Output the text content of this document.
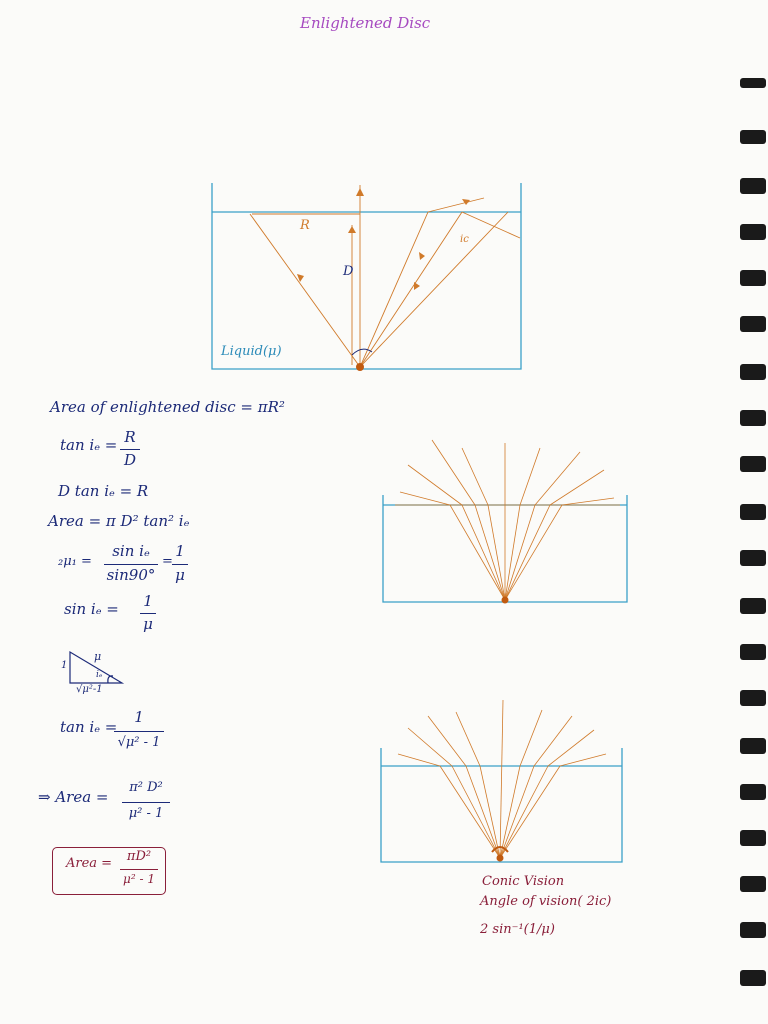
Enlightened Disc
R
D
ic
Liquid(μ)
Area of enlightened disc = πR²
tan iₑ = R
D
D tan iₑ = R
Area = π D² tan² iₑ
₂μ₁ =
sin iₑ
sin90°
=
1
μ
sin iₑ = 1
μ
μ
1
√μ²-1
iₑ
tan iₑ =
1
√μ² - 1
⇒ Area =
π² D²
μ² - 1
Area =	πD²
μ² - 1	Conic Vision
Angle of vision( 2ic)
2 sin⁻¹(1/μ)
